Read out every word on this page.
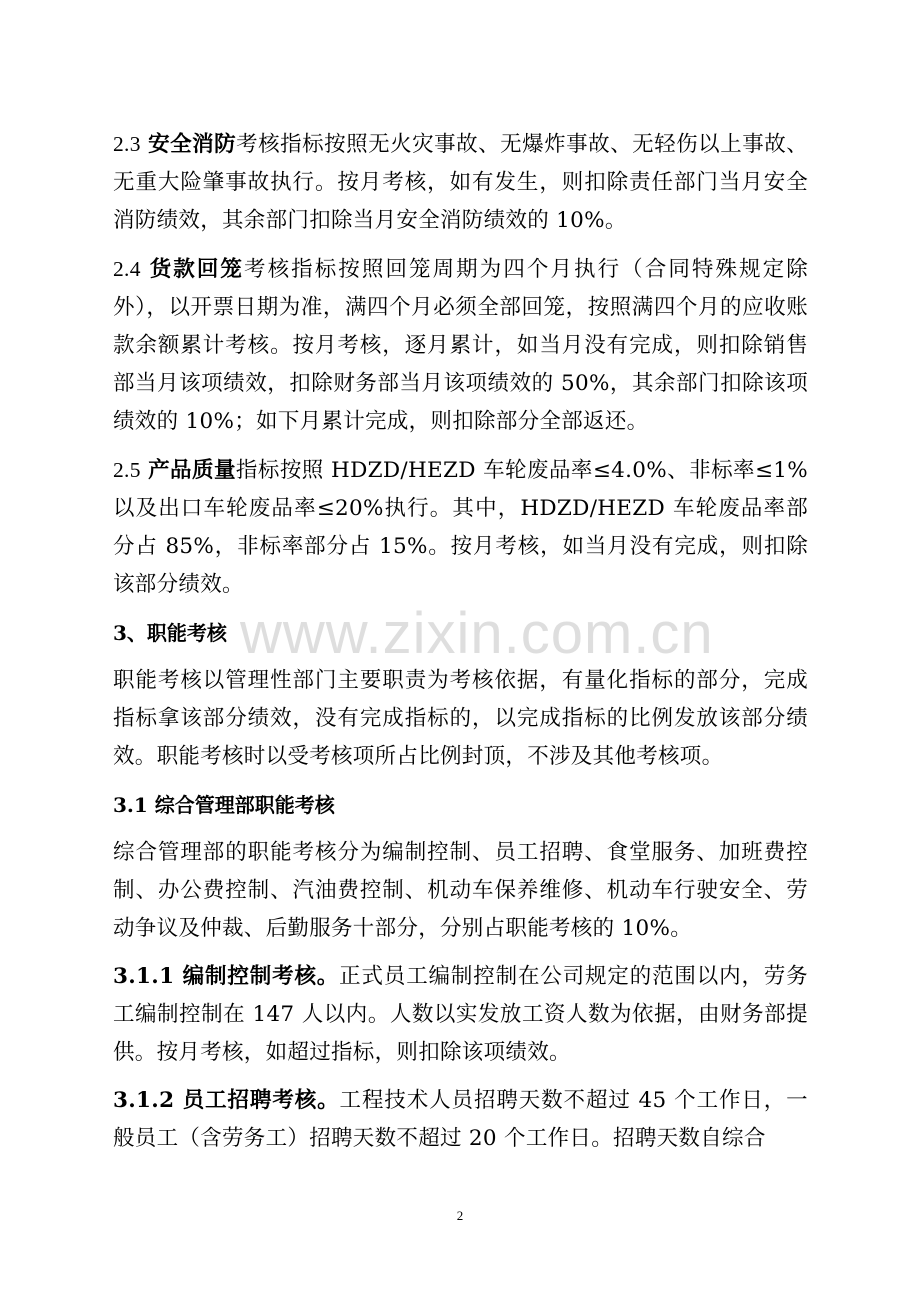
www.zixin.com.cn

2.3 安全消防考核指标按照无火灾事故、无爆炸事故、无轻伤以上事故、无重大险肇事故执行。按月考核，如有发生，则扣除责任部门当月安全消防绩效，其余部门扣除当月安全消防绩效的 10%。

2.4 货款回笼考核指标按照回笼周期为四个月执行（合同特殊规定除外），以开票日期为准，满四个月必须全部回笼，按照满四个月的应收账款余额累计考核。按月考核，逐月累计，如当月没有完成，则扣除销售部当月该项绩效，扣除财务部当月该项绩效的 50%，其余部门扣除该项绩效的 10%；如下月累计完成，则扣除部分全部返还。

2.5 产品质量指标按照 HDZD/HEZD 车轮废品率≤4.0%、非标率≤1%以及出口车轮废品率≤20%执行。其中，HDZD/HEZD 车轮废品率部分占 85%，非标率部分占 15%。按月考核，如当月没有完成，则扣除该部分绩效。

3、职能考核

职能考核以管理性部门主要职责为考核依据，有量化指标的部分，完成指标拿该部分绩效，没有完成指标的，以完成指标的比例发放该部分绩效。职能考核时以受考核项所占比例封顶，不涉及其他考核项。

3.1 综合管理部职能考核

综合管理部的职能考核分为编制控制、员工招聘、食堂服务、加班费控制、办公费控制、汽油费控制、机动车保养维修、机动车行驶安全、劳动争议及仲裁、后勤服务十部分，分别占职能考核的 10%。

3.1.1 编制控制考核。正式员工编制控制在公司规定的范围以内，劳务工编制控制在 147 人以内。人数以实发放工资人数为依据，由财务部提供。按月考核，如超过指标，则扣除该项绩效。

3.1.2 员工招聘考核。工程技术人员招聘天数不超过 45 个工作日，一般员工（含劳务工）招聘天数不超过 20 个工作日。招聘天数自综合

2
